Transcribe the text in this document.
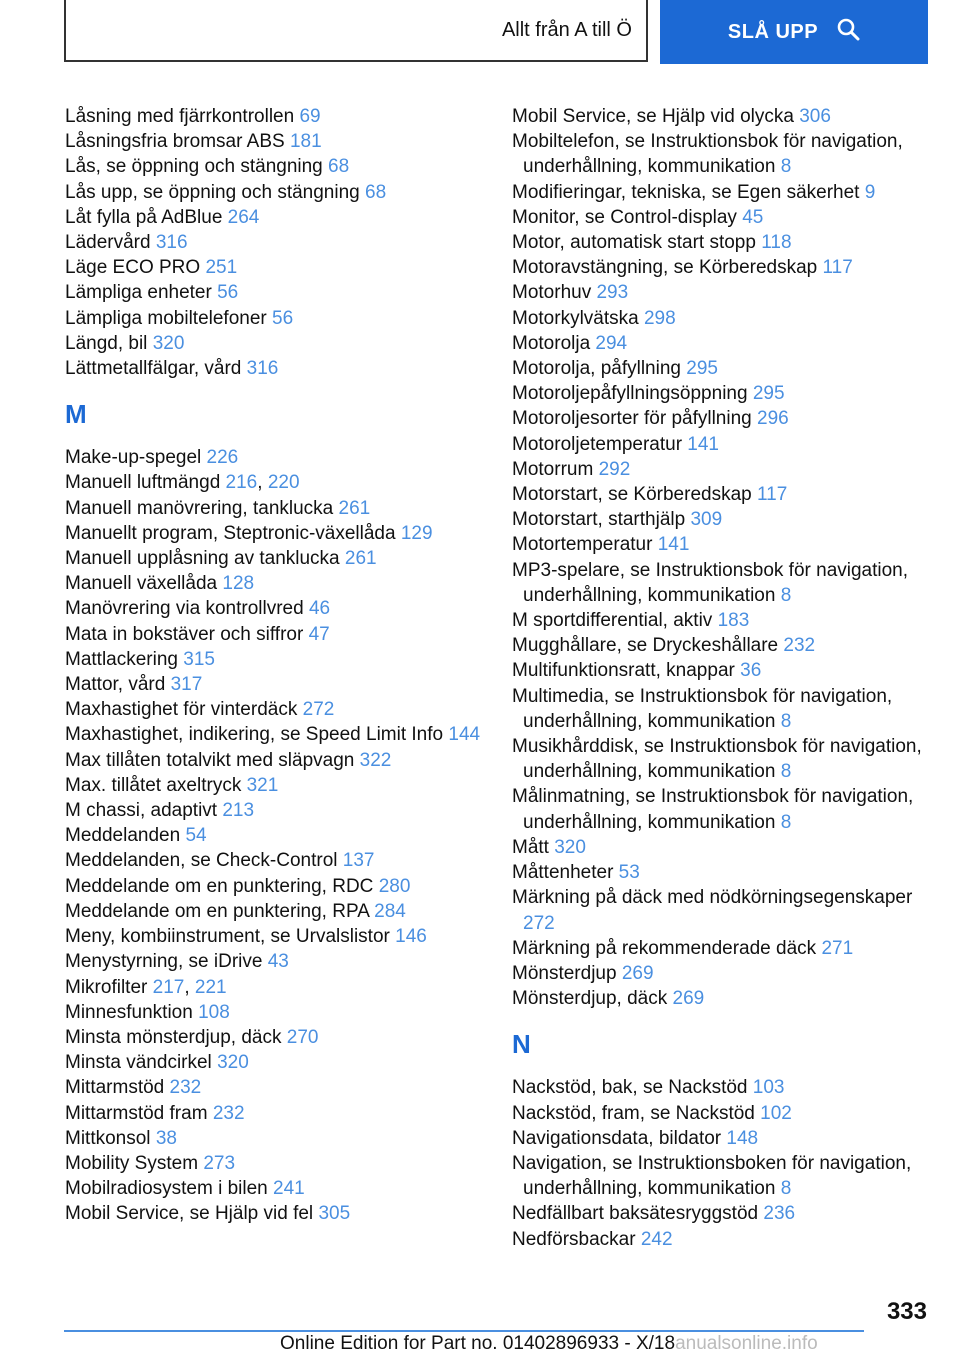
Allt från A till Ö	SLÅ UPP
Låsning med fjärrkontrollen 69
Låsningsfria bromsar ABS 181
Lås, se öppning och stängning 68
Lås upp, se öppning och stängning 68
Låt fylla på AdBlue 264
Lädervård 316
Läge ECO PRO 251
Lämpliga enheter 56
Lämpliga mobiltelefoner 56
Längd, bil 320
Lättmetallfälgar, vård 316
M
Make-up-spegel 226
Manuell luftmängd 216, 220
Manuell manövrering, tanklucka 261
Manuellt program, Steptronic-växellåda 129
Manuell upplåsning av tanklucka 261
Manuell växellåda 128
Manövrering via kontrollvred 46
Mata in bokstäver och siffror 47
Mattlackering 315
Mattor, vård 317
Maxhastighet för vinterdäck 272
Maxhastighet, indikering, se Speed Limit Info 144
Max tillåten totalvikt med släpvagn 322
Max. tillåtet axeltryck 321
M chassi, adaptivt 213
Meddelanden 54
Meddelanden, se Check-Control 137
Meddelande om en punktering, RDC 280
Meddelande om en punktering, RPA 284
Meny, kombiinstrument, se Urvalslistor 146
Menystyrning, se iDrive 43
Mikrofilter 217, 221
Minnesfunktion 108
Minsta mönsterdjup, däck 270
Minsta vändcirkel 320
Mittarmstöd 232
Mittarmstöd fram 232
Mittkonsol 38
Mobility System 273
Mobilradiosystem i bilen 241
Mobil Service, se Hjälp vid fel 305
Mobil Service, se Hjälp vid olycka 306
Mobiltelefon, se Instruktionsbok för navigation, underhållning, kommunikation 8
Modifieringar, tekniska, se Egen säkerhet 9
Monitor, se Control-display 45
Motor, automatisk start stopp 118
Motoravstängning, se Körberedskap 117
Motorhuv 293
Motorkylvätska 298
Motorolja 294
Motorolja, påfyllning 295
Motoroljepåfyllningsöppning 295
Motoroljesorter för påfyllning 296
Motoroljetemperatur 141
Motorrum 292
Motorstart, se Körberedskap 117
Motorstart, starthjälp 309
Motortemperatur 141
MP3-spelare, se Instruktionsbok för navigation, underhållning, kommunikation 8
M sportdifferential, aktiv 183
Mugghållare, se Dryckeshållare 232
Multifunktionsratt, knappar 36
Multimedia, se Instruktionsbok för navigation, underhållning, kommunikation 8
Musikhårddisk, se Instruktionsbok för navigation, underhållning, kommunikation 8
Målinmatning, se Instruktionsbok för navigation, underhållning, kommunikation 8
Mått 320
Måttenheter 53
Märkning på däck med nödkörningsegenskaper 272
Märkning på rekommenderade däck 271
Mönsterdjup 269
Mönsterdjup, däck 269
N
Nackstöd, bak, se Nackstöd 103
Nackstöd, fram, se Nackstöd 102
Navigationsdata, bildator 148
Navigation, se Instruktionsboken för navigation, underhållning, kommunikation 8
Nedfällbart baksätesryggstöd 236
Nedförsbackar 242
333
Online Edition for Part no. 01402896933 - X/18anualsonline.info
